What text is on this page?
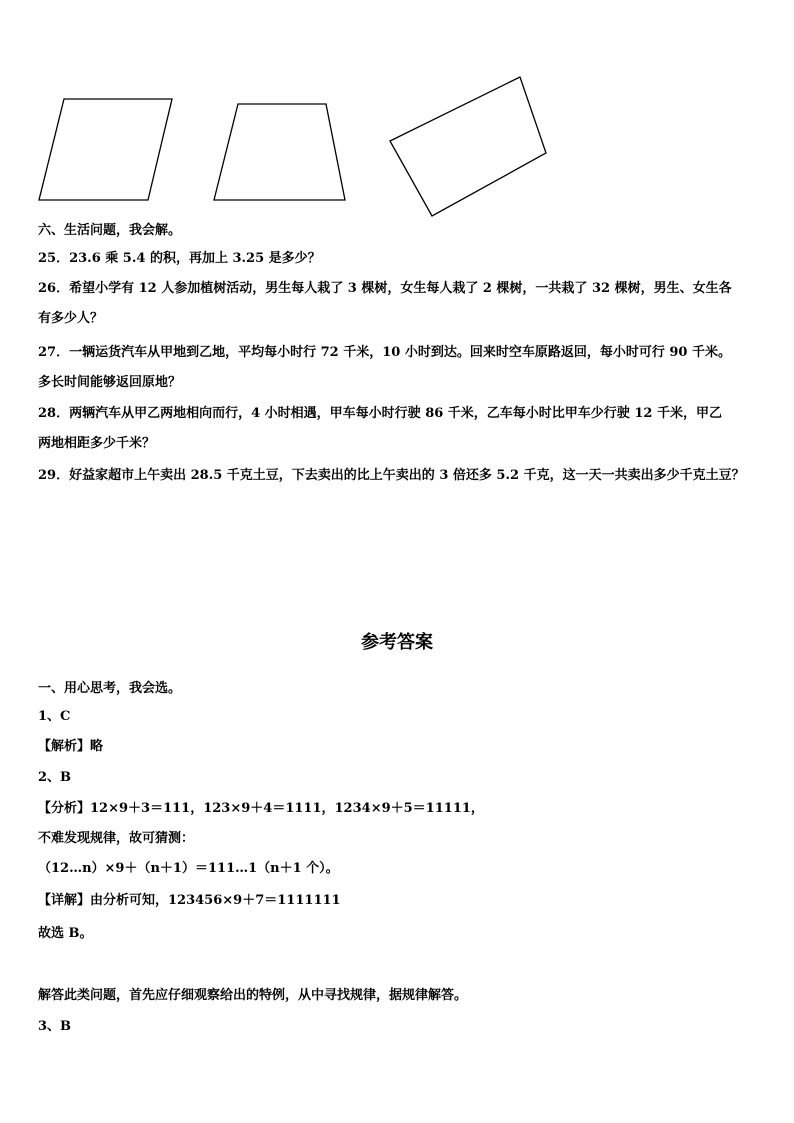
六、生活问题，我会解。
25．23.6 乘 5.4 的积，再加上 3.25 是多少？
26．希望小学有 12 人参加植树活动，男生每人栽了 3 棵树，女生每人栽了 2 棵树，一共栽了 32 棵树，男生、女生各
有多少人？
27．一辆运货汽车从甲地到乙地，平均每小时行 72 千米，10 小时到达。回来时空车原路返回，每小时可行 90 千米。
多长时间能够返回原地？
28．两辆汽车从甲乙两地相向而行，4 小时相遇，甲车每小时行驶 86 千米，乙车每小时比甲车少行驶 12 千米，甲乙
两地相距多少千米？
29．好益家超市上午卖出 28.5 千克土豆，下去卖出的比上午卖出的 3 倍还多 5.2 千克，这一天一共卖出多少千克土豆？
参考答案
一、用心思考，我会选。
1、C
【解析】略
2、B
【分析】12×9＋3＝111，123×9＋4＝1111，1234×9＋5＝11111，
不难发现规律，故可猜测：
（12…n）×9＋（n＋1）＝111…1（n＋1 个）。
【详解】由分析可知，123456×9＋7＝1111111
故选 B。
解答此类问题，首先应仔细观察给出的特例，从中寻找规律，据规律解答。
3、B
